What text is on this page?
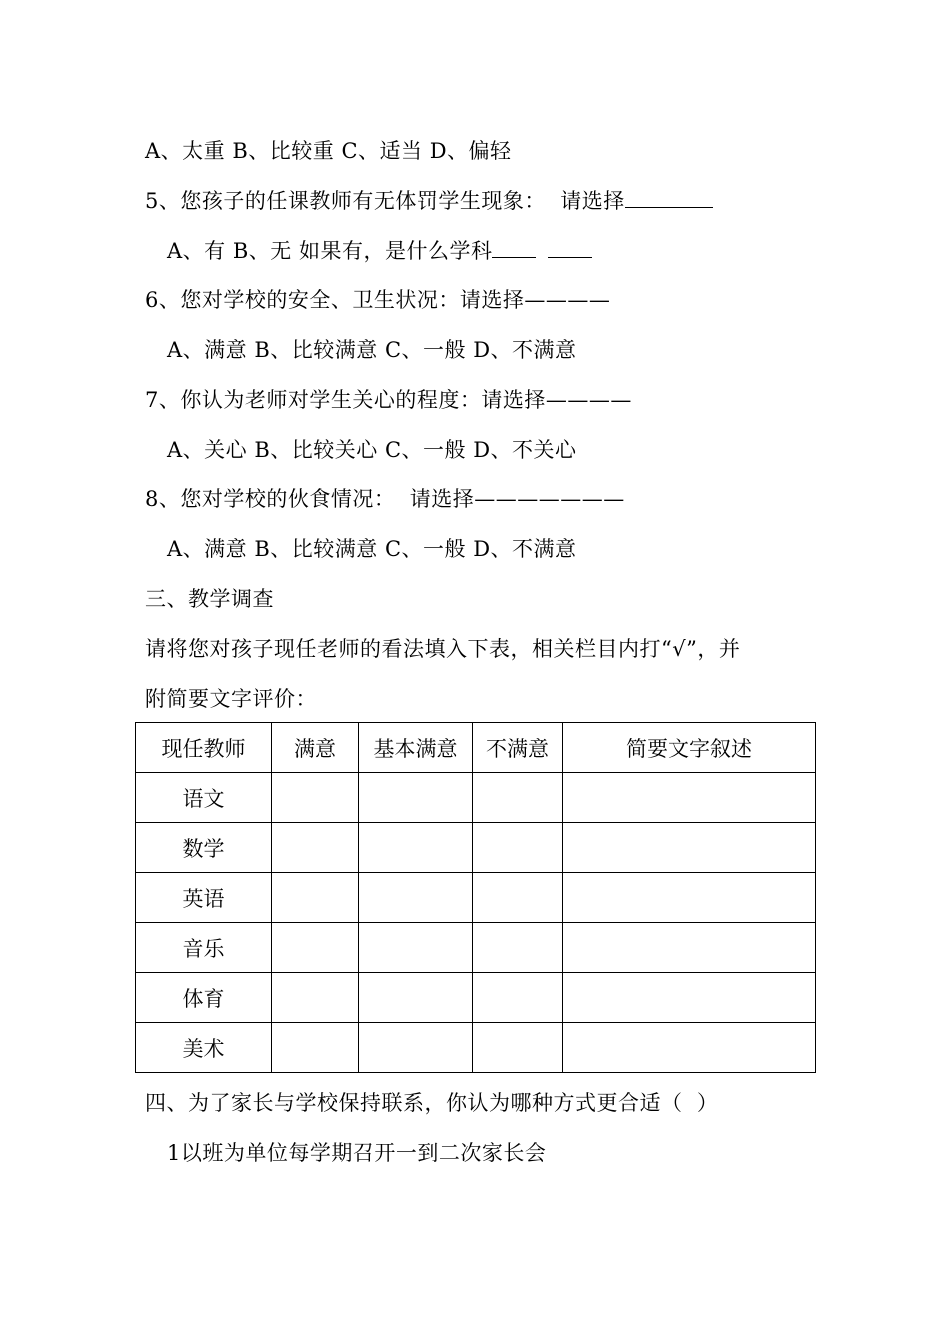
A、太重 B、比较重 C、适当 D、偏轻
5、您孩子的任课教师有无体罚学生现象：  请选择
A、有 B、无 如果有，是什么学科
6、您对学校的安全、卫生状况：请选择————
A、满意 B、比较满意 C、一般 D、不满意
7、你认为老师对学生关心的程度：请选择————
A、关心 B、比较关心 C、一般 D、不关心
8、您对学校的伙食情况：  请选择———————
A、满意 B、比较满意 C、一般 D、不满意
三、教学调查
请将您对孩子现任老师的看法填入下表，相关栏目内打“√”，并
附简要文字评价：
现任教师	满意	基本满意	不满意	简要文字叙述
语文				
数学				
英语				
音乐				
体育				
美术				
四、为了家长与学校保持联系，你认为哪种方式更合适（  ）
1以班为单位每学期召开一到二次家长会
